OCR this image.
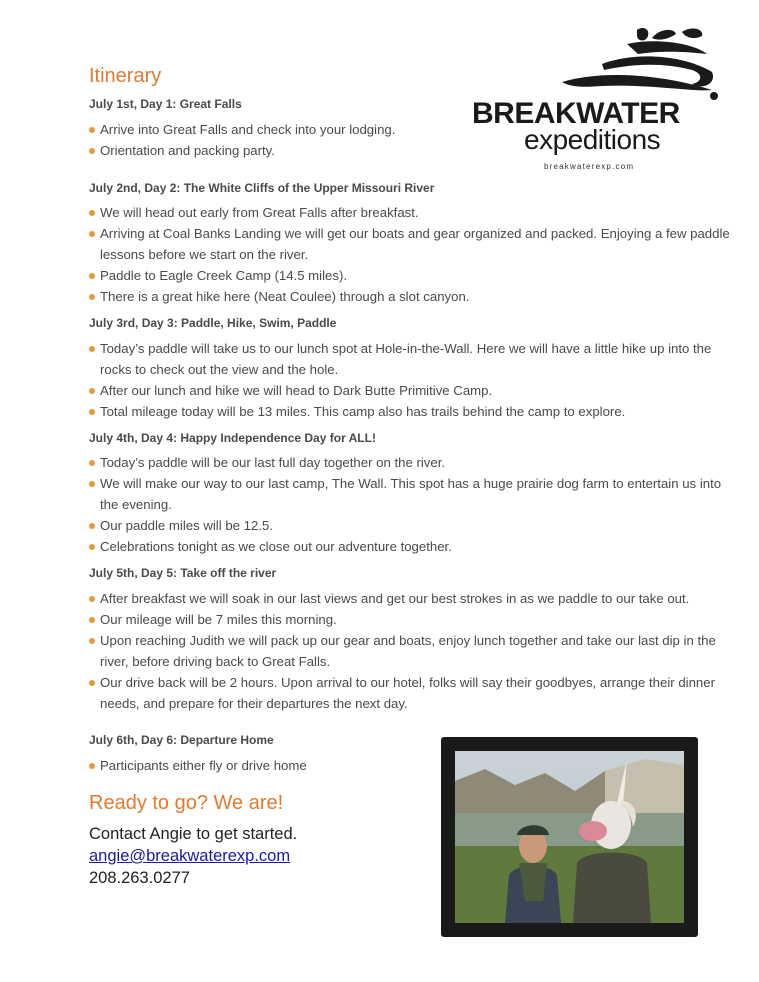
BREAKWATER
expeditions
breakwaterexp.com
Itinerary

July 1st, Day 1: Great Falls

Arrive into Great Falls and check into your lodging.
Orientation and packing party.

July 2nd, Day 2: The White Cliffs of the Upper Missouri River

We will head out early from Great Falls after breakfast.
Arriving at Coal Banks Landing we will get our boats and gear organized and packed. Enjoying a few paddle lessons before we start on the river.
Paddle to Eagle Creek Camp (14.5 miles).
There is a great hike here (Neat Coulee) through a slot canyon.

July 3rd, Day 3: Paddle, Hike, Swim, Paddle

Today’s paddle will take us to our lunch spot at Hole-in-the-Wall. Here we will have a little hike up into the rocks to check out the view and the hole.
After our lunch and hike we will head to Dark Butte Primitive Camp.
Total mileage today will be 13 miles. This camp also has trails behind the camp to explore.

July 4th, Day 4: Happy Independence Day for ALL!

Today’s paddle will be our last full day together on the river.
We will make our way to our last camp, The Wall. This spot has a huge prairie dog farm to entertain us into the evening.
Our paddle miles will be 12.5.
Celebrations tonight as we close out our adventure together.

July 5th, Day 5: Take off the river

After breakfast we will soak in our last views and get our best strokes in as we paddle to our take out.
Our mileage will be 7 miles this morning.
Upon reaching Judith we will pack up our gear and boats, enjoy lunch together and take our last dip in the river, before driving back to Great Falls.
Our drive back will be 2 hours. Upon arrival to our hotel, folks will say their goodbyes, arrange their dinner needs, and prepare for their departures the next day.

July 6th, Day 6: Departure Home

Participants either fly or drive home
Ready to go? We are!
Contact Angie to get started.
angie@breakwaterexp.com
208.263.0277
